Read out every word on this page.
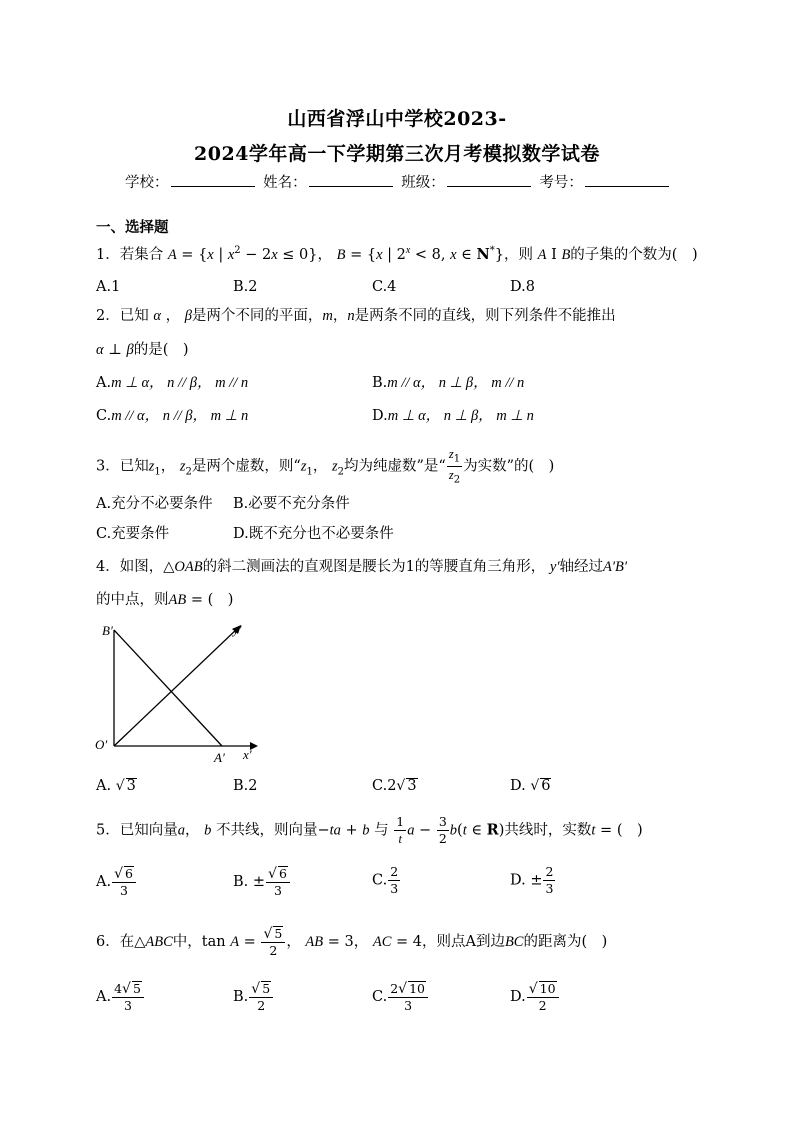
山西省浮山中学校2023-
2024学年高一下学期第三次月考模拟数学试卷
学校：	姓名：	班级：	考号：
一、选择题
1．若集合 A = {x | $x^2 - 2x \le 0$}， B = {x | $2^x < 8$, x ∈ N*}，则 A I B的子集的个数为(　)
A.1	B.2	C.4	D.8
2．已知 α ， β是两个不同的平面，m，n是两条不同的直线，则下列条件不能推出
α ⊥ β的是(　)
A.m ⊥ α， n // β， m // n	B.m // α， n ⊥ β， m // n
C.m // α， n // β， m ⊥ n	D.m ⊥ α， n ⊥ β， m ⊥ n
3．已知$z_1$， $z_2$是两个虚数，则“$z_1$， $z_2$均为纯虚数”是“ $\frac{z_1}{z_2}$ 为实数”的(　)
A.充分不必要条件 B.必要不充分条件
C.充要条件	D.既不充分也不必要条件
4．如图，△OAB的斜二测画法的直观图是腰长为1的等腰直角三角形， y′轴经过A′B′
的中点，则AB = (　)
B′
O′
A′ x′
y′
A. √ 3	B.2	C.2√ 3	D. √ 6
5．已知向量a， b 不共线，则向量−ta + b 与 $\frac{1}{t}$ $a - \frac{3}{2} b(t$ ∈ R)共线时，实数t = (　)
A. $\frac{√ 6}{3}$	B. ± $\frac{√ 6}{3}$	C. $\frac{2}{3}$	D. ± $\frac{2}{3}$
6．在△ABC中，$\tan A = \frac{√ 5}{2}$ ， AB = 3， AC = 4，则点A到边BC的距离为(　)
A. $\frac{4√ 5}{3}$	B. $\frac{√ 5}{2}$	C. $\frac{2√ 10}{3}$	D. $\frac{√ 10}{2}$
